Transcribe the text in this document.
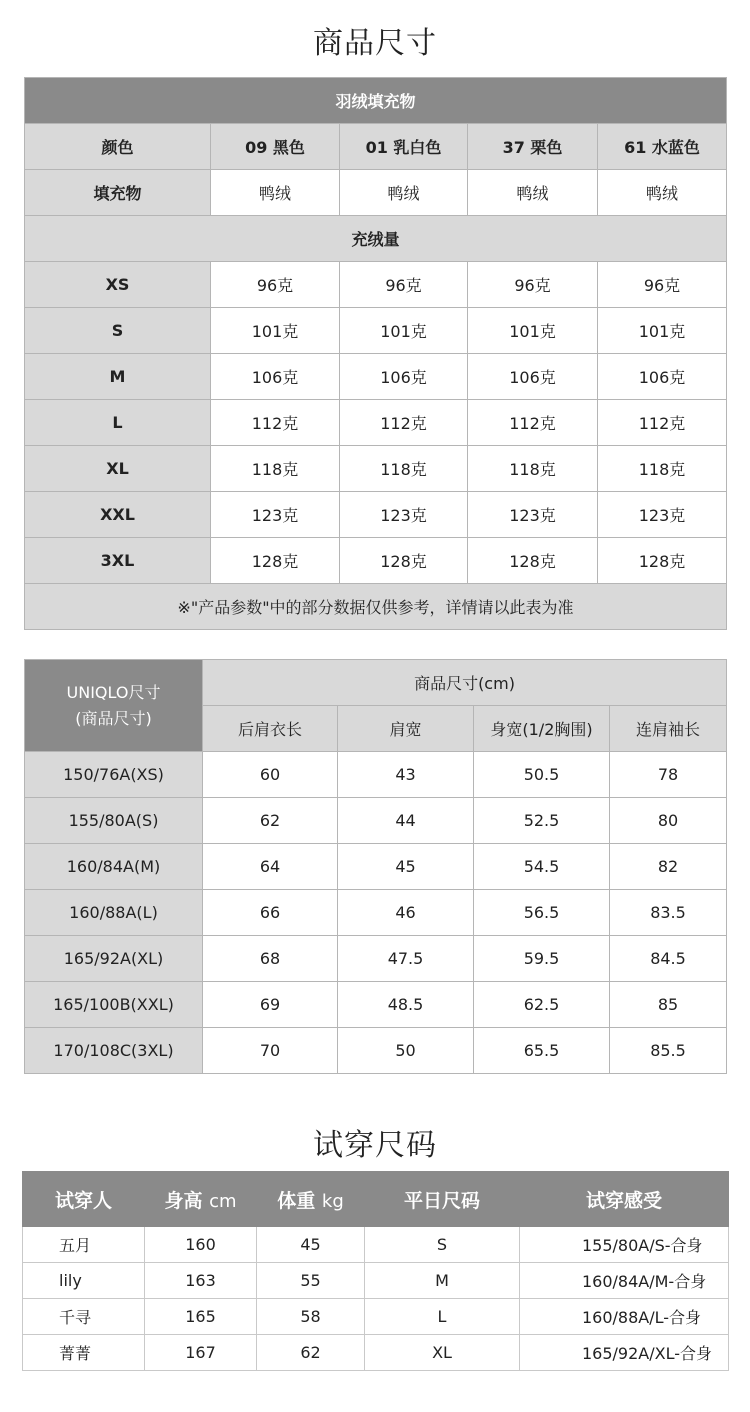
商品尺寸
羽绒填充物				
颜色	09 黑色	01 乳白色	37 栗色	61 水蓝色
填充物	鸭绒	鸭绒	鸭绒	鸭绒
充绒量				
XS	96克	96克	96克	96克
S	101克	101克	101克	101克
M	106克	106克	106克	106克
L	112克	112克	112克	112克
XL	118克	118克	118克	118克
XXL	123克	123克	123克	123克
3XL	128克	128克	128克	128克
※"产品参数"中的部分数据仅供参考，详情请以此表为准				
UNIQLO尺寸
(商品尺寸)	商品尺寸(cm)			
	后肩衣长	肩宽	身宽(1/2胸围)	连肩袖长
150/76A(XS)	60	43	50.5	78
155/80A(S)	62	44	52.5	80
160/84A(M)	64	45	54.5	82
160/88A(L)	66	46	56.5	83.5
165/92A(XL)	68	47.5	59.5	84.5
165/100B(XXL)	69	48.5	62.5	85
170/108C(3XL)	70	50	65.5	85.5
试穿尺码
试穿人	身高 cm	体重 kg	平日尺码	试穿感受
五月	160	45	S	155/80A/S-合身
lily	163	55	M	160/84A/M-合身
千寻	165	58	L	160/88A/L-合身
菁菁	167	62	XL	165/92A/XL-合身
